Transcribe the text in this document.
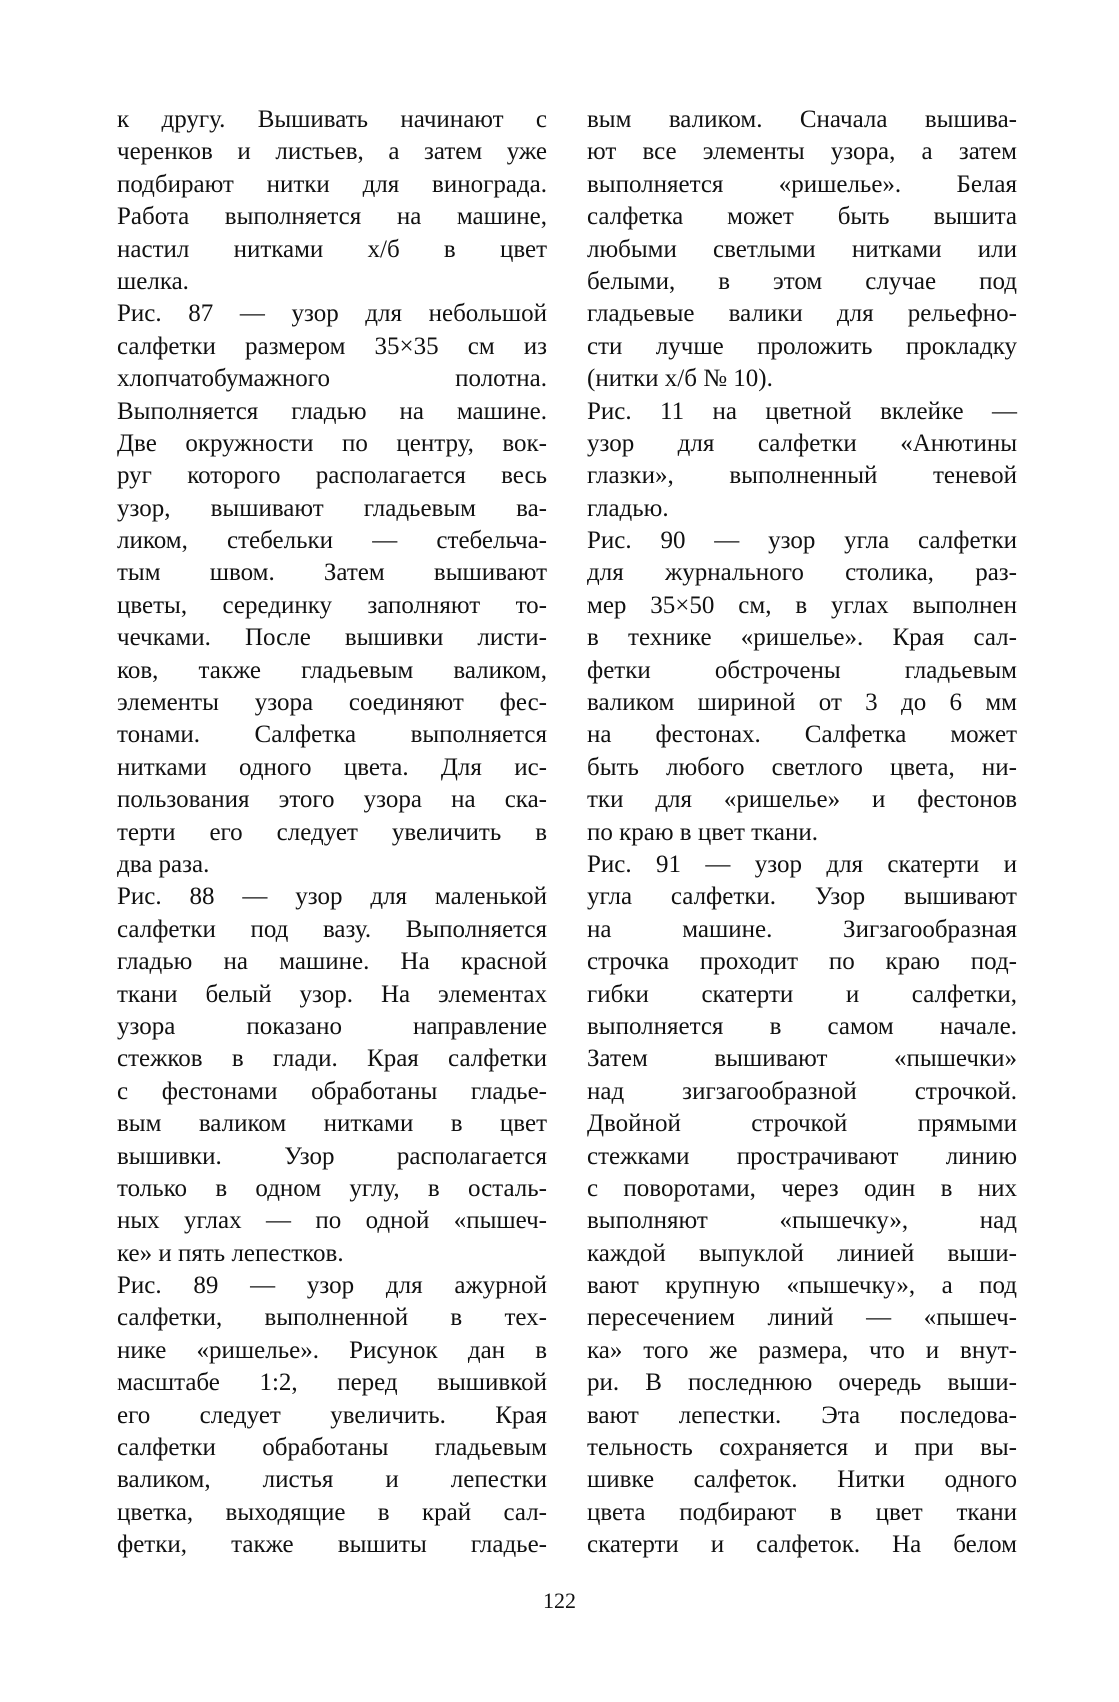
к другу. Вышивать начинают с
черенков и листьев, а затем уже
подбирают нитки для винограда.
Работа выполняется на машине,
настил нитками х/б в цвет
шелка.
Рис. 87 — узор для небольшой
салфетки размером 35×35 см из
хлопчатобумажного полотна.
Выполняется гладью на машине.
Две окружности по центру, вок-
руг которого располагается весь
узор, вышивают гладьевым ва-
ликом, стебельки — стебельча-
тым швом. Затем вышивают
цветы, серединку заполняют то-
чечками. После вышивки листи-
ков, также гладьевым валиком,
элементы узора соединяют фес-
тонами. Салфетка выполняется
нитками одного цвета. Для ис-
пользования этого узора на ска-
терти его следует увеличить в
два раза.
Рис. 88 — узор для маленькой
салфетки под вазу. Выполняется
гладью на машине. На красной
ткани белый узор. На элементах
узора показано направление
стежков в глади. Края салфетки
с фестонами обработаны гладье-
вым валиком нитками в цвет
вышивки. Узор располагается
только в одном углу, в осталь-
ных углах — по одной «пышеч-
ке» и пять лепестков.
Рис. 89 — узор для ажурной
салфетки, выполненной в тех-
нике «ришелье». Рисунок дан в
масштабе 1:2, перед вышивкой
его следует увеличить. Края
салфетки обработаны гладьевым
валиком, листья и лепестки
цветка, выходящие в край сал-
фетки, также вышиты гладье-
вым валиком. Сначала вышива-
ют все элементы узора, а затем
выполняется «ришелье». Белая
салфетка может быть вышита
любыми светлыми нитками или
белыми, в этом случае под
гладьевые валики для рельефно-
сти лучше проложить прокладку
(нитки х/б № 10).
Рис. 11 на цветной вклейке —
узор для салфетки «Анютины
глазки», выполненный теневой
гладью.
Рис. 90 — узор угла салфетки
для журнального столика, раз-
мер 35×50 см, в углах выполнен
в технике «ришелье». Края сал-
фетки обстрочены гладьевым
валиком шириной от 3 до 6 мм
на фестонах. Салфетка может
быть любого светлого цвета, ни-
тки для «ришелье» и фестонов
по краю в цвет ткани.
Рис. 91 — узор для скатерти и
угла салфетки. Узор вышивают
на машине. Зигзагообразная
строчка проходит по краю под-
гибки скатерти и салфетки,
выполняется в самом начале.
Затем вышивают «пышечки»
над зигзагообразной строчкой.
Двойной строчкой прямыми
стежками прострачивают линию
с поворотами, через один в них
выполняют «пышечку», над
каждой выпуклой линией выши-
вают крупную «пышечку», а под
пересечением линий — «пышеч-
ка» того же размера, что и внут-
ри. В последнюю очередь выши-
вают лепестки. Эта последова-
тельность сохраняется и при вы-
шивке салфеток. Нитки одного
цвета подбирают в цвет ткани
скатерти и салфеток. На белом
122
